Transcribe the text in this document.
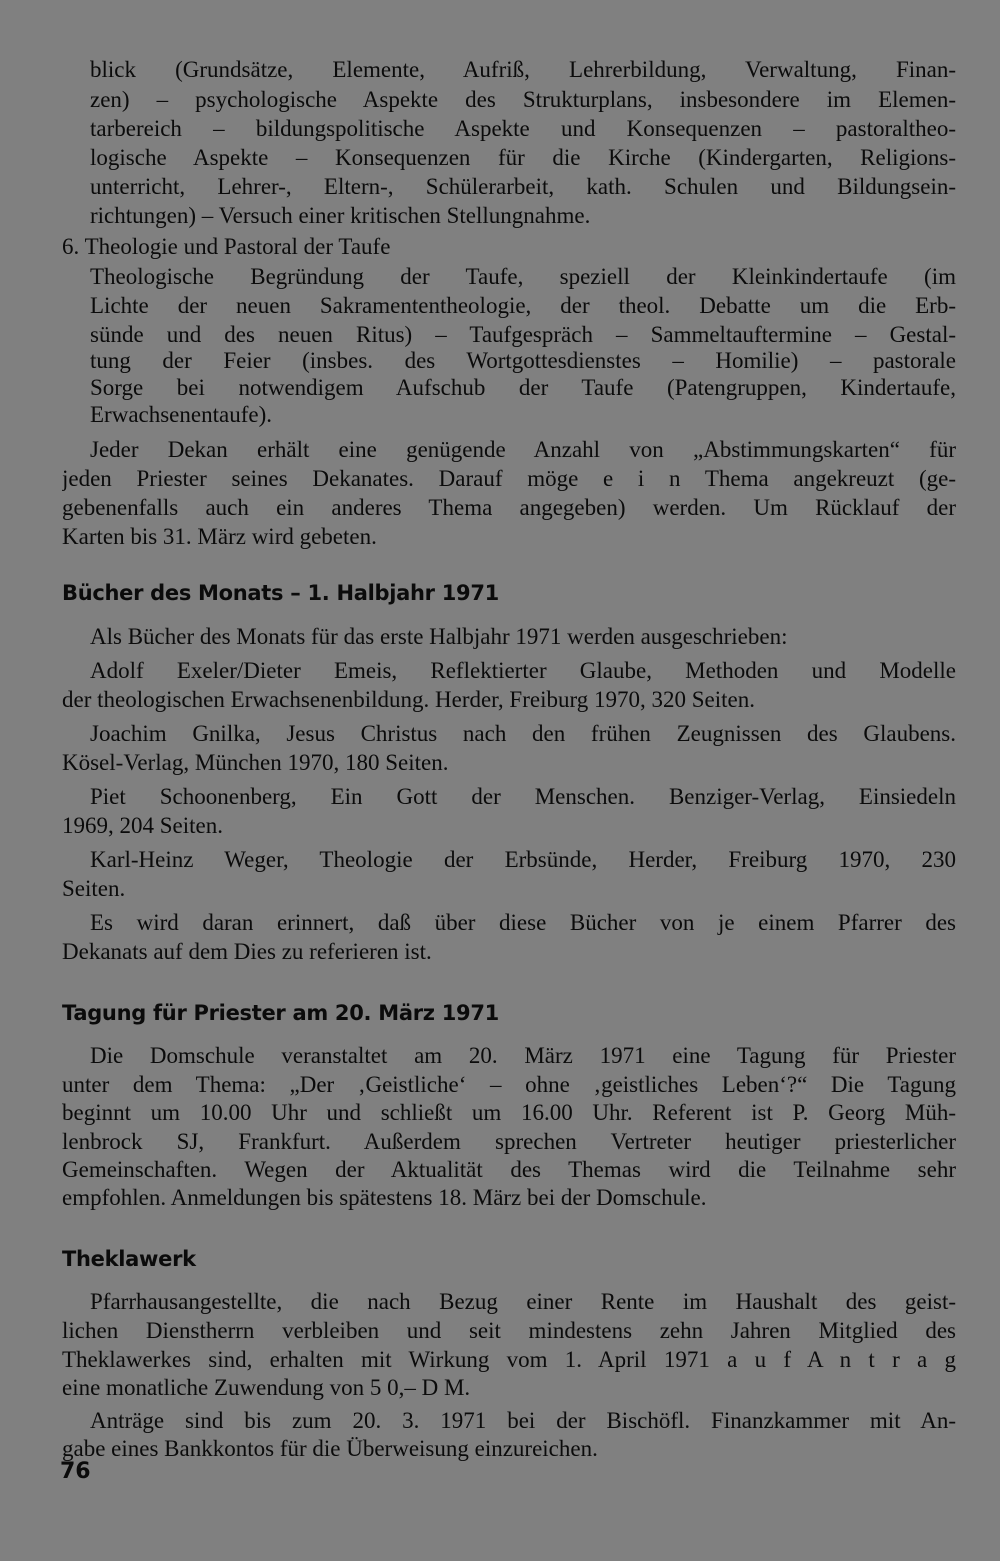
blick (Grundsätze, Elemente, Aufriß, Lehrerbildung, Verwaltung, Finan-
zen) – psychologische Aspekte des Strukturplans, insbesondere im Elemen-
tarbereich – bildungspolitische Aspekte und Konsequenzen – pastoraltheo-
logische Aspekte – Konsequenzen für die Kirche (Kindergarten, Religions-
unterricht, Lehrer-, Eltern-, Schülerarbeit, kath. Schulen und Bildungsein-
richtungen) – Versuch einer kritischen Stellungnahme.
6. Theologie und Pastoral der Taufe
Theologische Begründung der Taufe, speziell der Kleinkindertaufe (im
Lichte der neuen Sakramententheologie, der theol. Debatte um die Erb-
sünde und des neuen Ritus) – Taufgespräch – Sammeltauftermine – Gestal-
tung der Feier (insbes. des Wortgottesdienstes – Homilie) – pastorale
Sorge bei notwendigem Aufschub der Taufe (Patengruppen, Kindertaufe,
Erwachsenentaufe).
Jeder Dekan erhält eine genügende Anzahl von „Abstimmungskarten“ für
jeden Priester seines Dekanates. Darauf möge e i n Thema angekreuzt (ge-
gebenenfalls auch ein anderes Thema angegeben) werden. Um Rücklauf der
Karten bis 31. März wird gebeten.
Bücher des Monats – 1. Halbjahr 1971
Als Bücher des Monats für das erste Halbjahr 1971 werden ausgeschrieben:
Adolf Exeler/Dieter Emeis, Reflektierter Glaube, Methoden und Modelle
der theologischen Erwachsenenbildung. Herder, Freiburg 1970, 320 Seiten.
Joachim Gnilka, Jesus Christus nach den frühen Zeugnissen des Glaubens.
Kösel-Verlag, München 1970, 180 Seiten.
Piet Schoonenberg, Ein Gott der Menschen. Benziger-Verlag, Einsiedeln
1969, 204 Seiten.
Karl-Heinz Weger, Theologie der Erbsünde, Herder, Freiburg 1970, 230
Seiten.
Es wird daran erinnert, daß über diese Bücher von je einem Pfarrer des
Dekanats auf dem Dies zu referieren ist.
Tagung für Priester am 20. März 1971
Die Domschule veranstaltet am 20. März 1971 eine Tagung für Priester
unter dem Thema: „Der ‚Geistliche‘ – ohne ‚geistliches Leben‘?“ Die Tagung
beginnt um 10.00 Uhr und schließt um 16.00 Uhr. Referent ist P. Georg Müh-
lenbrock SJ, Frankfurt. Außerdem sprechen Vertreter heutiger priesterlicher
Gemeinschaften. Wegen der Aktualität des Themas wird die Teilnahme sehr
empfohlen. Anmeldungen bis spätestens 18. März bei der Domschule.
Theklawerk
Pfarrhausangestellte, die nach Bezug einer Rente im Haushalt des geist-
lichen Dienstherrn verbleiben und seit mindestens zehn Jahren Mitglied des
Theklawerkes sind, erhalten mit Wirkung vom 1. April 1971 a u f A n t r a g
eine monatliche Zuwendung von 5 0,– D M.
Anträge sind bis zum 20. 3. 1971 bei der Bischöfl. Finanzkammer mit An-
gabe eines Bankkontos für die Überweisung einzureichen.
76
